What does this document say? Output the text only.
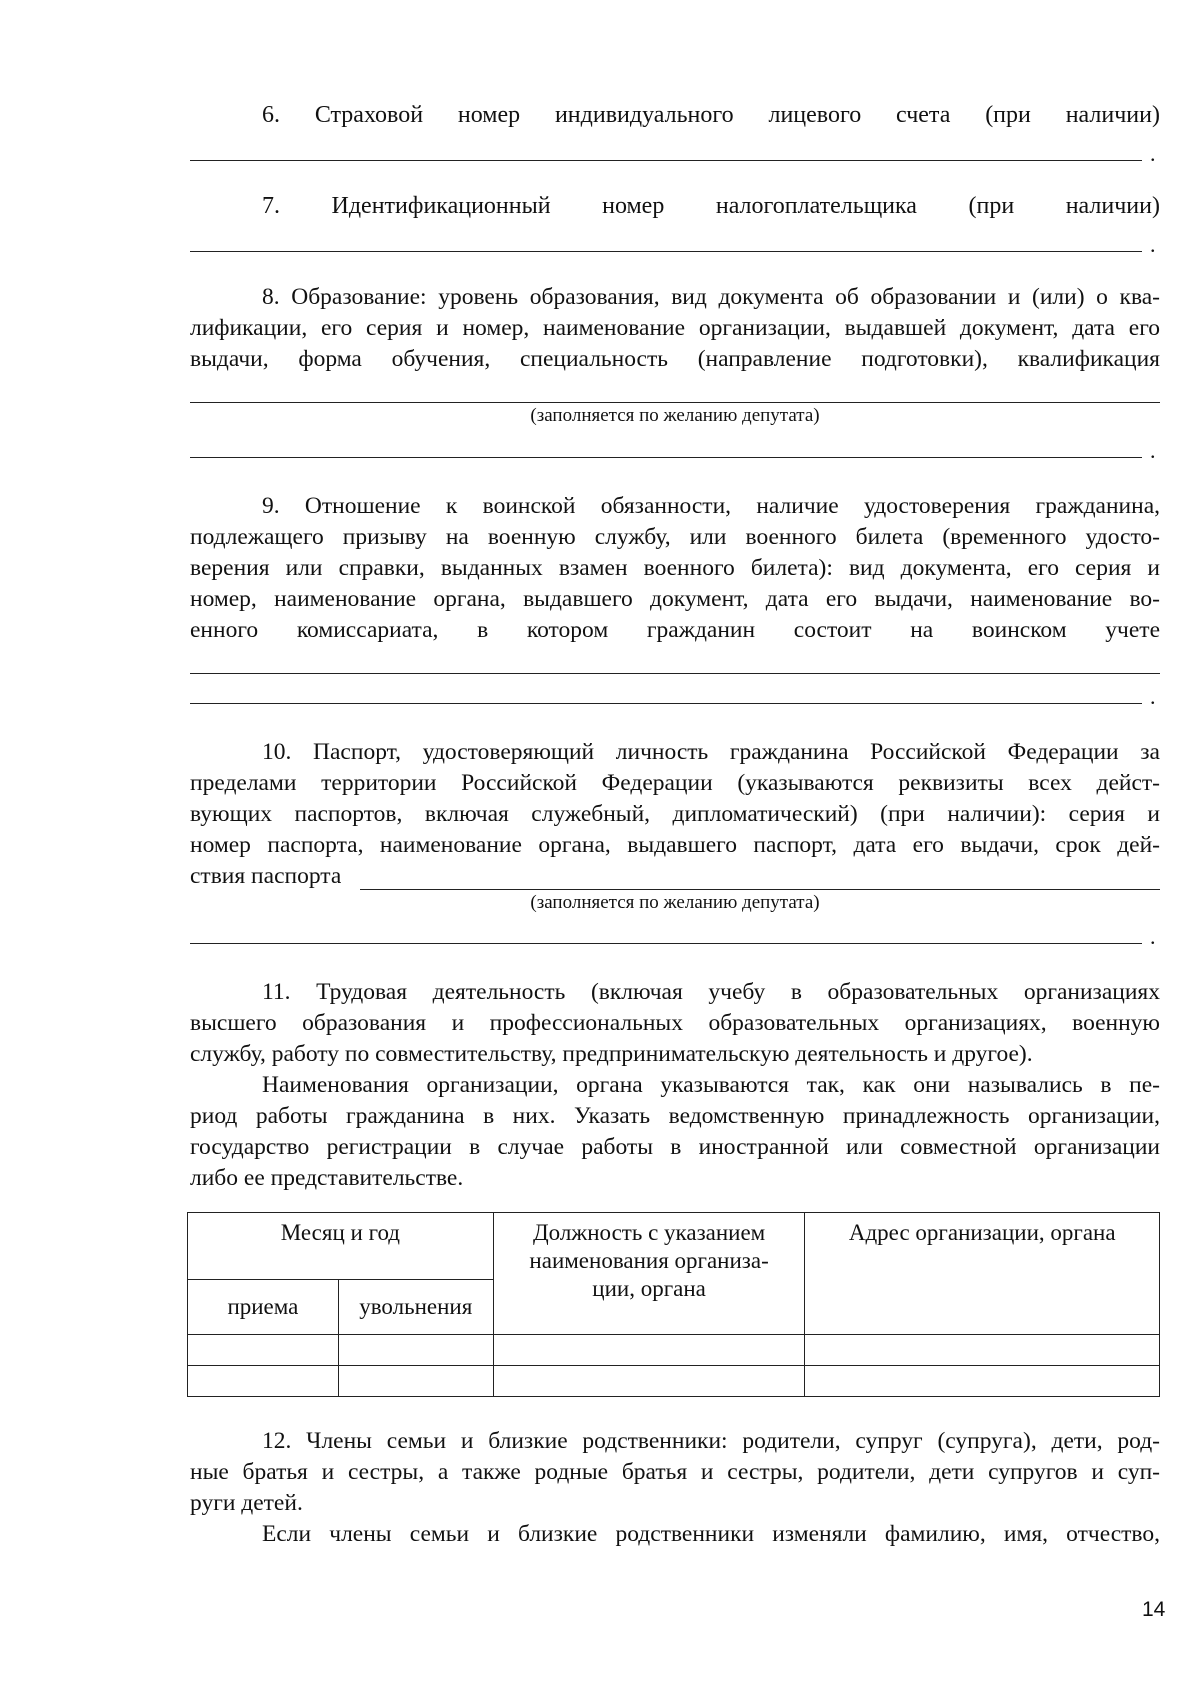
6. Страховой номер индивидуального лицевого счета (при наличии)
.
7. Идентификационный номер налогоплательщика (при наличии)
.
8. Образование: уровень образования, вид документа об образовании и (или) о ква-
лификации, его серия и номер, наименование организации, выдавшей документ, дата его
выдачи, форма обучения, специальность (направление подготовки), квалификация
(заполняется по желанию депутата)
.
9. Отношение к воинской обязанности, наличие удостоверения гражданина,
подлежащего призыву на военную службу, или военного билета (временного удосто-
верения или справки, выданных взамен военного билета): вид документа, его серия и
номер, наименование органа, выдавшего документ, дата его выдачи, наименование во-
енного комиссариата, в котором гражданин состоит на воинском учете
.
10. Паспорт, удостоверяющий личность гражданина Российской Федерации за
пределами территории Российской Федерации (указываются реквизиты всех дейст-
вующих паспортов, включая служебный, дипломатический) (при наличии): серия и
номер паспорта, наименование органа, выдавшего паспорт, дата его выдачи, срок дей-
ствия паспорта
(заполняется по желанию депутата)
.
11. Трудовая деятельность (включая учебу в образовательных организациях
высшего образования и профессиональных образовательных организациях, военную
службу, работу по совместительству, предпринимательскую деятельность и другое).
Наименования организации, органа указываются так, как они назывались в пе-
риод работы гражданина в них. Указать ведомственную принадлежность организации,
государство регистрации в случае работы в иностранной или совместной организации
либо ее представительстве.
Месяц и год		Должность с указанием наименования организа- ции, органа	Адрес организации, органа
приема	увольнения		

12. Члены семьи и близкие родственники: родители, супруг (супруга), дети, род-
ные братья и сестры, а также родные братья и сестры, родители, дети супругов и суп-
руги детей.
Если члены семьи и близкие родственники изменяли фамилию, имя, отчество,
14
